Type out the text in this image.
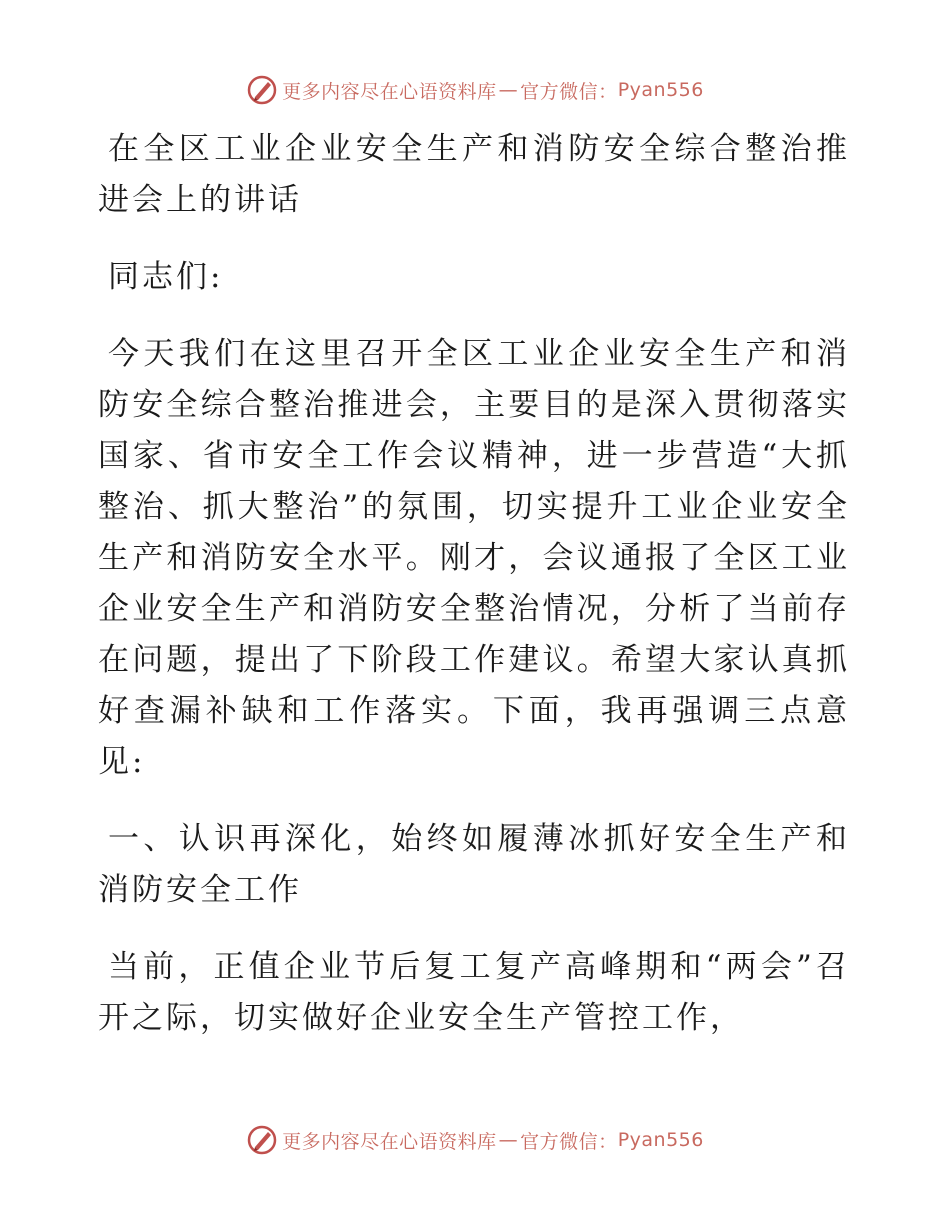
更多内容尽在心语资料库 — 官方微信： Pyan556

在全区工业企业安全生产和消防安全综合整治推进会上的讲话

同志们:

今天我们在这里召开全区工业企业安全生产和消防安全综合整治推进会，主要目的是深入贯彻落实国家、省市安全工作会议精神，进一步营造“大抓整治、抓大整治”的氛围，切实提升工业企业安全生产和消防安全水平。刚才，会议通报了全区工业企业安全生产和消防安全整治情况，分析了当前存在问题，提出了下阶段工作建议。希望大家认真抓好查漏补缺和工作落实。下面，我再强调三点意见:

一、认识再深化，始终如履薄冰抓好安全生产和消防安全工作

当前，正值企业节后复工复产高峰期和“两会”召开之际，切实做好企业安全生产管控工作，

更多内容尽在心语资料库 — 官方微信： Pyan556
